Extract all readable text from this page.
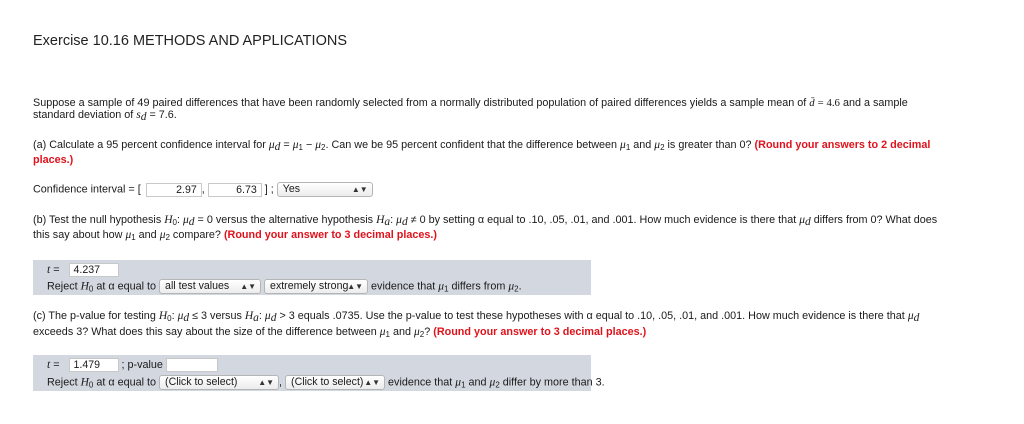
Exercise 10.16 METHODS AND APPLICATIONS
Suppose a sample of 49 paired differences that have been randomly selected from a normally distributed population of paired differences yields a sample mean of d̄ = 4.6 and a sample
standard deviation of $s_d = 7.6$.
(a) Calculate a 95 percent confidence interval for $\mu_d = \mu_1 - \mu_2$. Can we be 95 percent confident that the difference between $\mu_1$ and $\mu_2$ is greater than 0? (Round your answers to 2 decimal
places.)
Confidence interval = [	2.97 ,	6.73 ] ; Yes	▲▼
(b) Test the null hypothesis $H_0$: $\mu_d = 0$ versus the alternative hypothesis $H_a$: $\mu_d \ne 0$ by setting α equal to .10, .05, .01, and .001. How much evidence is there that $\mu_d$ differs from 0? What does
this say about how $\mu_1$ and $\mu_2$ compare? (Round your answer to 3 decimal places.)
t = 4.237
Reject $H_0$ at α equal to all test values ▲▼ extremely strong
▲▼ evidence that $\mu_1$ differs from $\mu_2$.
(c) The p-value for testing $H_0$: $\mu_d \le 3$ versus $H_a$: $\mu_d > 3$ equals .0735. Use the p-value to test these hypotheses with α equal to .10, .05, .01, and .001. How much evidence is there that $\mu_d$
exceeds 3? What does this say about the size of the difference between $\mu_1$ and $\mu_2$? (Round your answer to 3 decimal places.)
t = 1.479 ; p-value
Reject $H_0$ at α equal to (Click to select)	▲▼ , (Click to select) ▲▼ evidence that $\mu_1$ and $\mu_2$ differ by more than 3.
